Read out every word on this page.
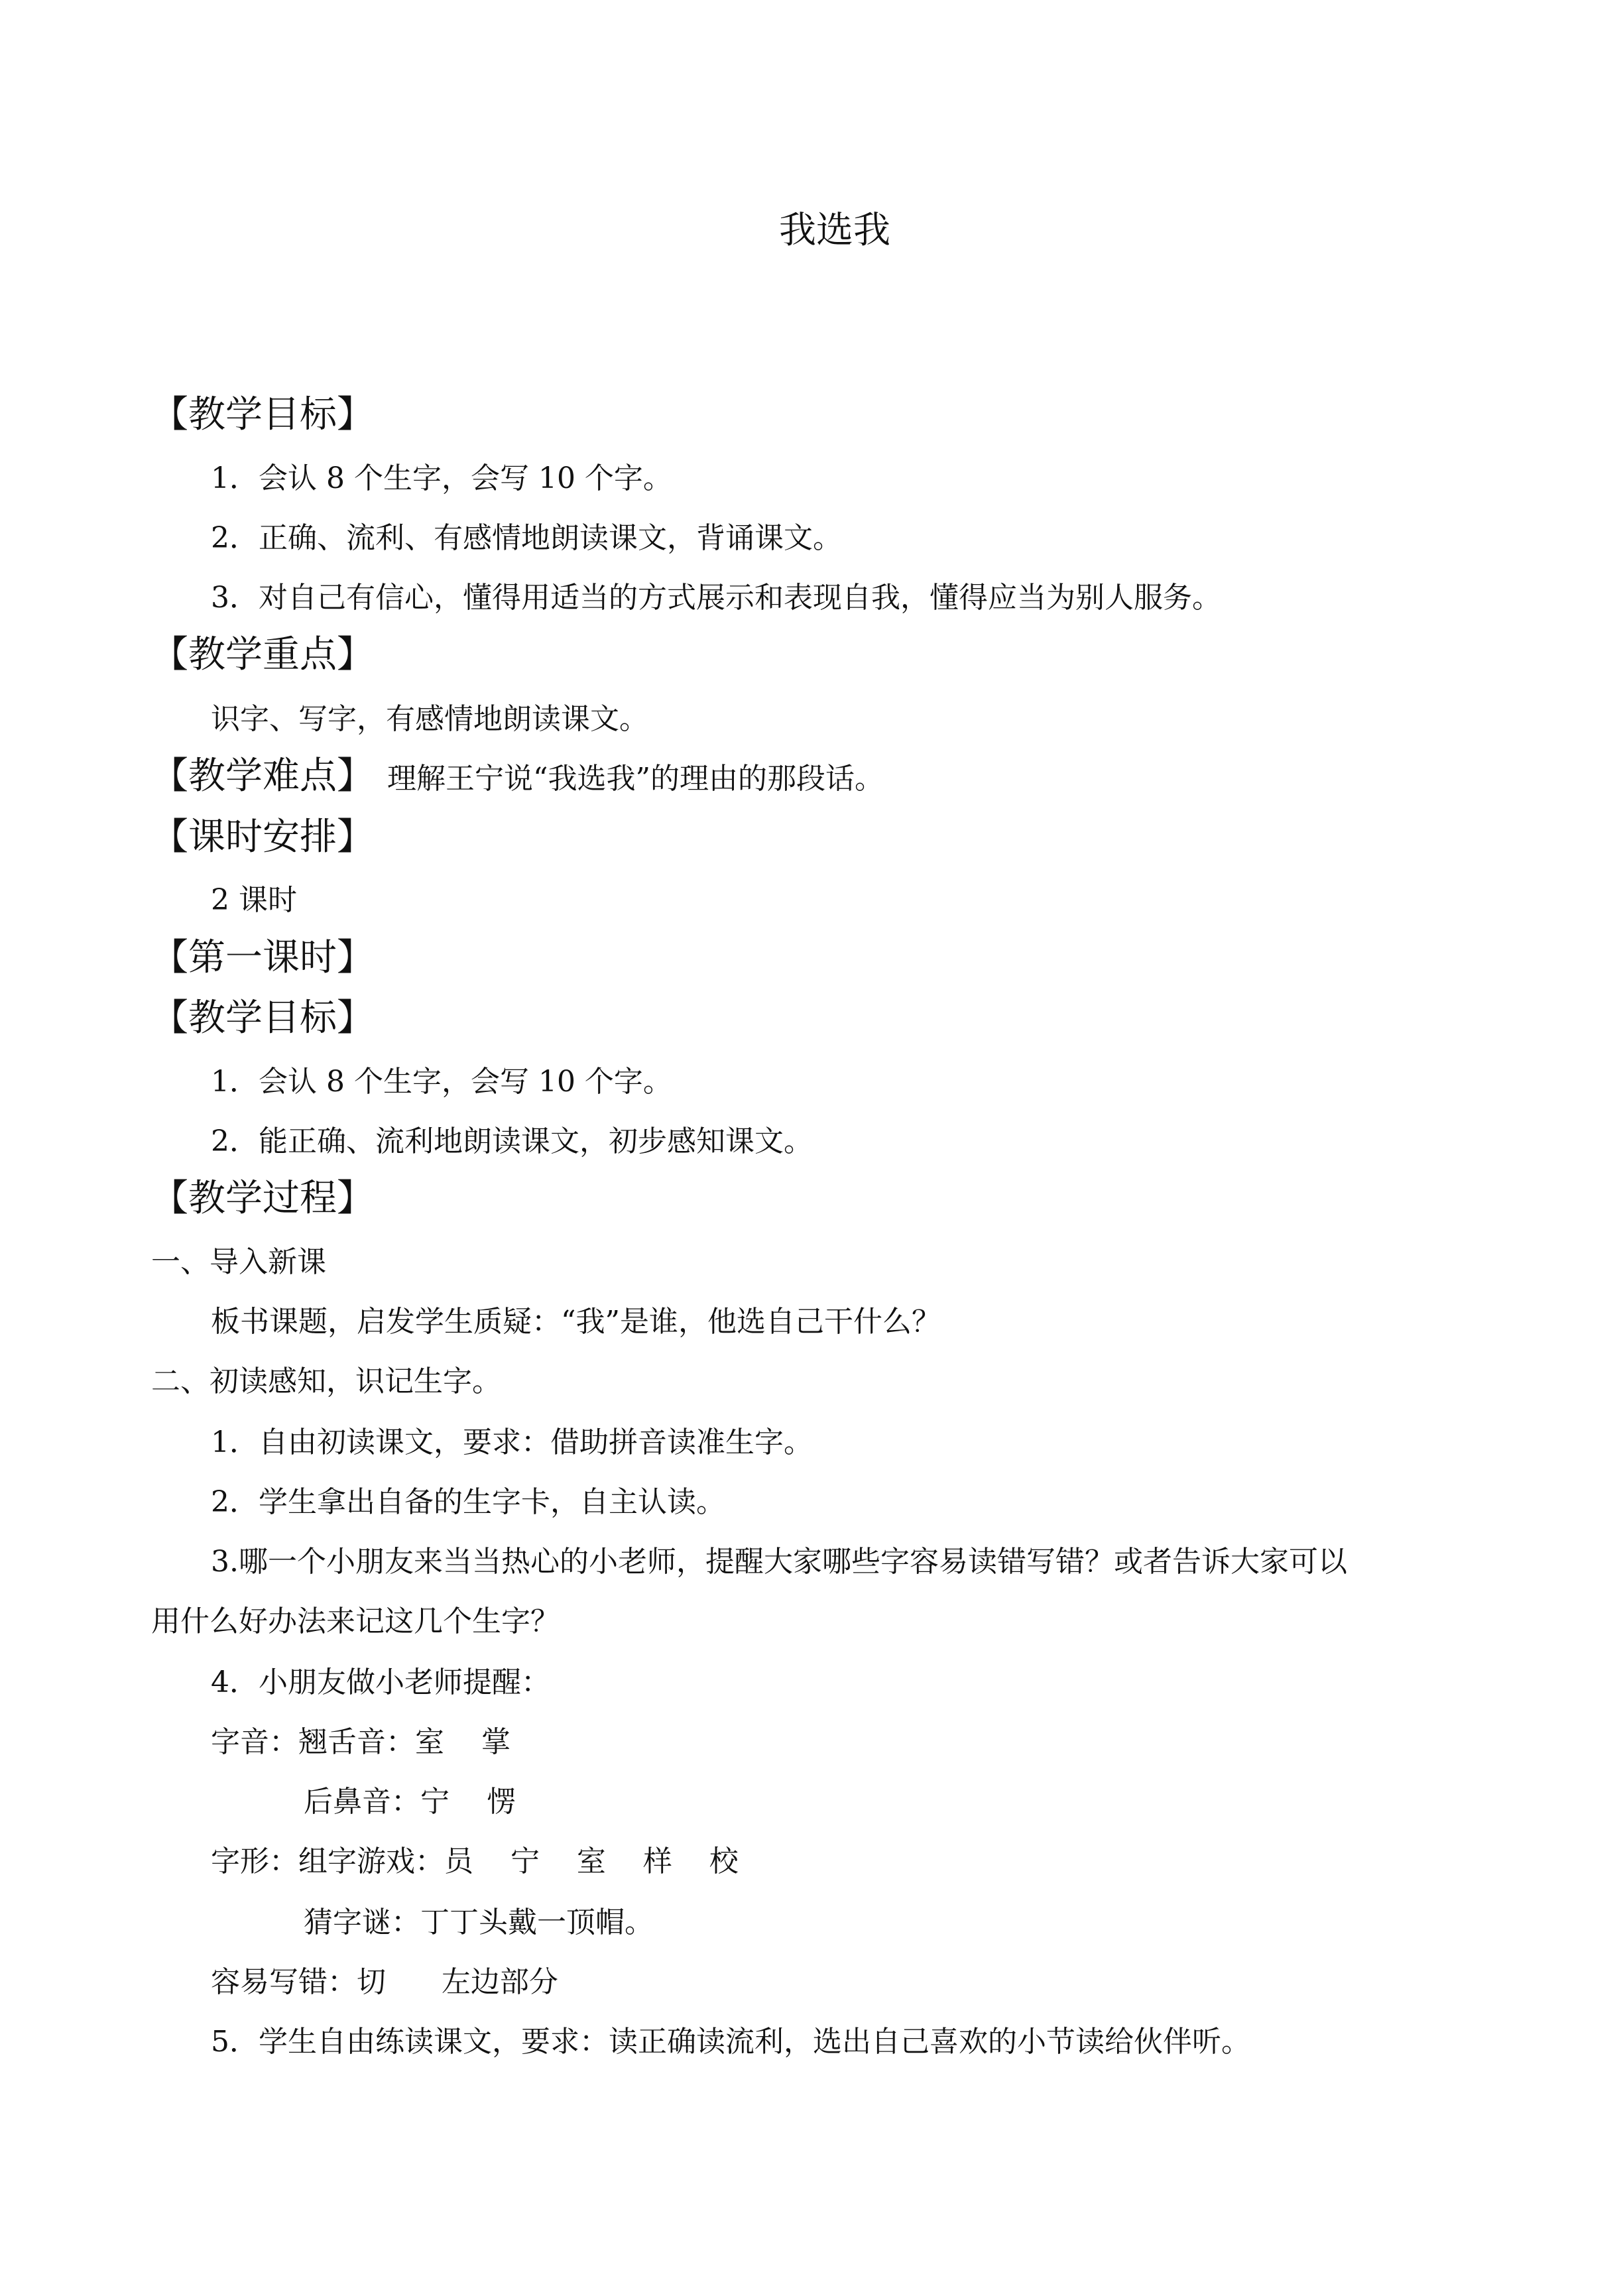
我选我
【教学目标】
1．会认 8 个生字，会写 10 个字。
2．正确、流利、有感情地朗读课文，背诵课文。
3．对自己有信心，懂得用适当的方式展示和表现自我，懂得应当为别人服务。
【教学重点】
识字、写字，有感情地朗读课文。
【教学难点】 理解王宁说“我选我”的理由的那段话。
【课时安排】
2 课时
【第一课时】
【教学目标】
1．会认 8 个生字，会写 10 个字。
2．能正确、流利地朗读课文，初步感知课文。
【教学过程】
一、导入新课
板书课题，启发学生质疑：“我”是谁，他选自己干什么？
二、初读感知，识记生字。
1．自由初读课文，要求：借助拼音读准生字。
2．学生拿出自备的生字卡，自主认读。
3.哪一个小朋友来当当热心的小老师，提醒大家哪些字容易读错写错？或者告诉大家可以
用什么好办法来记这几个生字？
4．小朋友做小老师提醒：
字音：翘舌音：室    掌
后鼻音：宁    愣
字形：组字游戏：员    宁    室    样    校
猜字谜：丁丁头戴一顶帽。
容易写错：切      左边部分
5．学生自由练读课文，要求：读正确读流利，选出自己喜欢的小节读给伙伴听。
